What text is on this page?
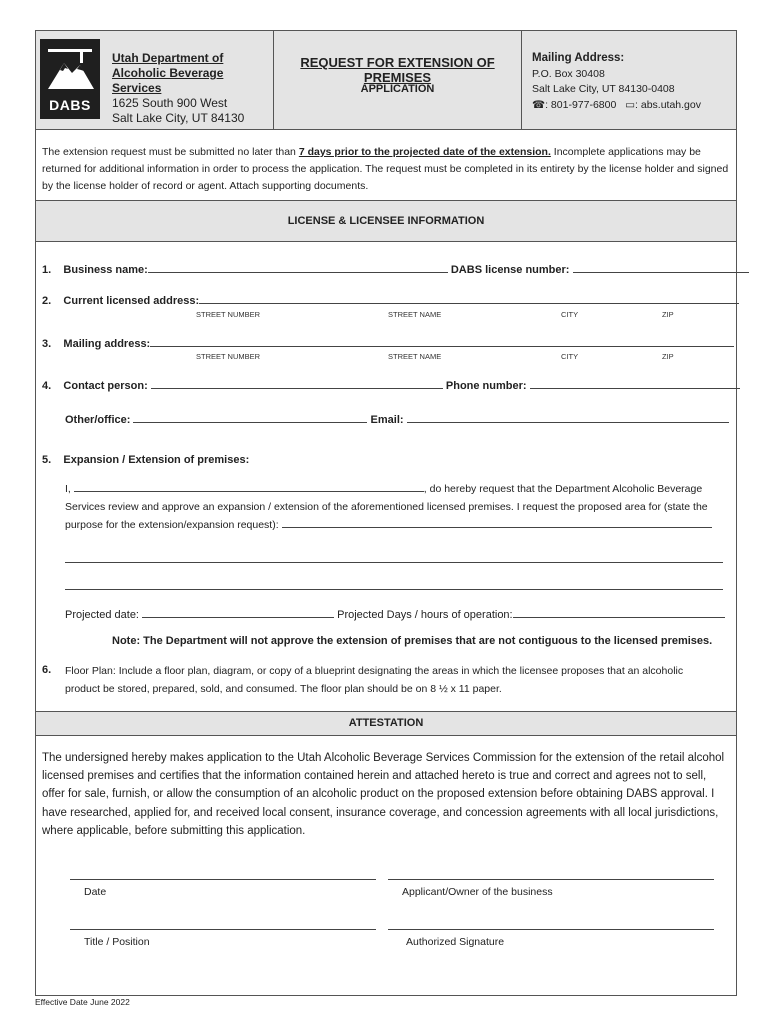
DABS
Utah Department of Alcoholic Beverage Services
1625 South 900 West
Salt Lake City, UT 84130
REQUEST FOR EXTENSION OF PREMISES
APPLICATION
Mailing Address:
P.O. Box 30408
Salt Lake City, UT 84130-0408
☎: 801-977-6800 ▭: abs.utah.gov
The extension request must be submitted no later than 7 days prior to the projected date of the extension. Incomplete applications may be returned for additional information in order to process the application. The request must be completed in its entirety by the license holder and signed by the license holder of record or agent. Attach supporting documents.
LICENSE & LICENSEE INFORMATION
1. Business name:	DABS license number:
2. Current licensed address:
STREET NUMBER	STREET NAME	CITY	ZIP
3. Mailing address:
STREET NUMBER	STREET NAME	CITY	ZIP
4. Contact person:	Phone number:
Other/office:	Email:
5. Expansion / Extension of premises:
I,	, do hereby request that the Department Alcoholic Beverage
Services review and approve an expansion / extension of the aforementioned licensed premises. I request the proposed area for (state the
purpose for the extension/expansion request):
Projected date:	Projected Days / hours of operation:
Note: The Department will not approve the extension of premises that are not contiguous to the licensed premises.
6. Floor Plan: Include a floor plan, diagram, or copy of a blueprint designating the areas in which the licensee proposes that an alcoholic
product be stored, prepared, sold, and consumed. The floor plan should be on 8 ½ x 11 paper.
ATTESTATION
The undersigned hereby makes application to the Utah Alcoholic Beverage Services Commission for the extension of the retail alcohol licensed premises and certifies that the information contained herein and attached hereto is true and correct and agrees not to sell, offer for sale, furnish, or allow the consumption of an alcoholic product on the proposed extension before obtaining DABS approval. I have researched, applied for, and received local consent, insurance coverage, and concession agreements with all local jurisdictions, where applicable, before submitting this application.
Date	Applicant/Owner of the business
Title / Position	Authorized Signature
Effective Date June 2022
